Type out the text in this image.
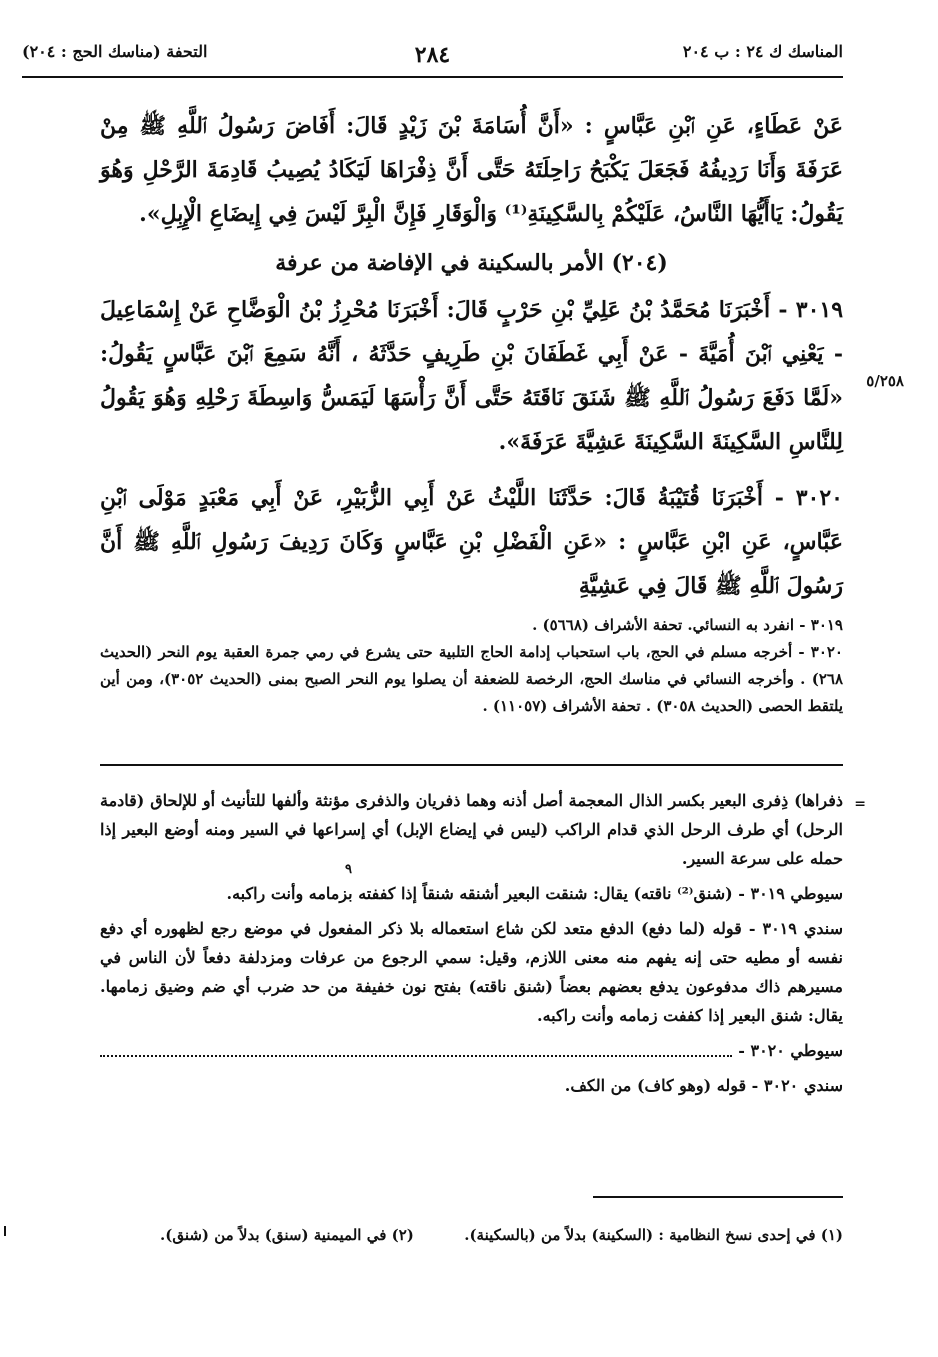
المناسك ك ٢٤ : ب ٢٠٤
٢٨٤
التحفة (مناسك الحج : ٢٠٤)

عَنْ عَطَاءٍ، عَنِ ٱبْنِ عَبَّاسٍ : «أَنَّ أُسَامَةَ بْنَ زَيْدٍ قَالَ: أَفَاضَ رَسُولُ ٱللَّهِ ﷺ مِنْ عَرَفَةَ وَأَنَا رَدِيفُهُ فَجَعَلَ يَكْبَحُ رَاحِلَتَهُ حَتَّى أَنَّ ذِفْرَاهَا لَيَكَادُ يُصِيبُ قَادِمَةَ الرَّحْلِ وَهُوَ يَقُولُ: يَاأَيُّهَا النَّاسُ، عَلَيْكُمْ بِالسَّكِينَةِ⁽¹⁾ وَالْوَقَارِ فَإِنَّ الْبِرَّ لَيْسَ فِي إِيضَاعِ الْإِبِلِ».

(٢٠٤) الأمر بالسكينة في الإفاضة من عرفة

٣٠١٩ - أَخْبَرَنَا مُحَمَّدُ بْنُ عَلِيِّ بْنِ حَرْبٍ قَالَ: أَخْبَرَنَا مُحْرِزُ بْنُ الْوَضَّاحِ عَنْ إِسْمَاعِيلَ - يَعْنِي ٱبْنَ أُمَيَّةَ - عَنْ أَبِي غَطَفَانَ بْنِ طَرِيفٍ حَدَّثَهُ ، أَنَّهُ سَمِعَ ٱبْنَ عَبَّاسٍ يَقُولُ: «لَمَّا دَفَعَ رَسُولُ ٱللَّهِ ﷺ شَنَقَ نَاقَتَهُ حَتَّى أَنَّ رَأْسَهَا لَيَمَسُّ وَاسِطَةَ رَحْلِهِ وَهُوَ يَقُولُ لِلنَّاسِ السَّكِينَةَ السَّكِينَةَ عَشِيَّةَ عَرَفَةَ».

٣٠٢٠ - أَخْبَرَنَا قُتَيْبَةُ قَالَ: حَدَّثَنَا اللَّيْثُ عَنْ أَبِي الزُّبَيْرِ، عَنْ أَبِي مَعْبَدٍ مَوْلَى ٱبْنِ عَبَّاسٍ، عَنِ ابْنِ عَبَّاسٍ : «عَنِ الْفَضْلِ بْنِ عَبَّاسٍ وَكَانَ رَدِيفَ رَسُولِ ٱللَّهِ ﷺ أَنَّ رَسُولَ ٱللَّهِ ﷺ قَالَ فِي عَشِيَّةِ

٥/٢٥٨

٣٠١٩ - انفرد به النسائي. تحفة الأشراف (٥٦٦٨) .

٣٠٢٠ - أخرجه مسلم في الحج، باب استحباب إدامة الحاج التلبية حتى يشرع في رمي جمرة العقبة يوم النحر (الحديث ٢٦٨) . وأخرجه النسائي في مناسك الحج، الرخصة للضعفة أن يصلوا يوم النحر الصبح بمنى (الحديث ٣٠٥٢)، ومن أين يلتقط الحصى (الحديث ٣٠٥٨) . تحفة الأشراف (١١٠٥٧) .

=
٩

ذفراها) ذِفرى البعير بكسر الذال المعجمة أصل أذنه وهما ذفريان والذفرى مؤنثة وألفها للتأنيث أو للإلحاق (قادمة الرحل) أي طرف الرحل الذي قدام الراكب (ليس في إيضاع الإبل) أي إسراعها في السير ومنه أوضع البعير إذا حمله على سرعة السير.

سيوطي ٣٠١٩ - (شنق⁽²⁾ ناقته) يقال: شنقت البعير أشنقه شنقاً إذا كففته بزمامه وأنت راكبه.

سندي ٣٠١٩ - قوله (لما دفع) الدفع متعد لكن شاع استعماله بلا ذكر المفعول في موضع رجع لظهوره أي دفع نفسه أو مطيه حتى إنه يفهم منه معنى اللازم، وقيل: سمي الرجوع من عرفات ومزدلفة دفعاً لأن الناس في مسيرهم ذاك مدفوعون يدفع بعضهم بعضاً (شنق ناقته) بفتح نون خفيفة من حد ضرب أي ضم وضيق زمامها. يقال: شنق البعير إذا كففت زمامه وأنت راكبه.

سيوطي ٣٠٢٠ -

سندي ٣٠٢٠ - قوله (وهو كاف) من الكف.

(١) في إحدى نسخ النظامية : (السكينة) بدلاً من (بالسكينة).
(٢) في الميمنية (سنق) بدلاً من (شنق).
